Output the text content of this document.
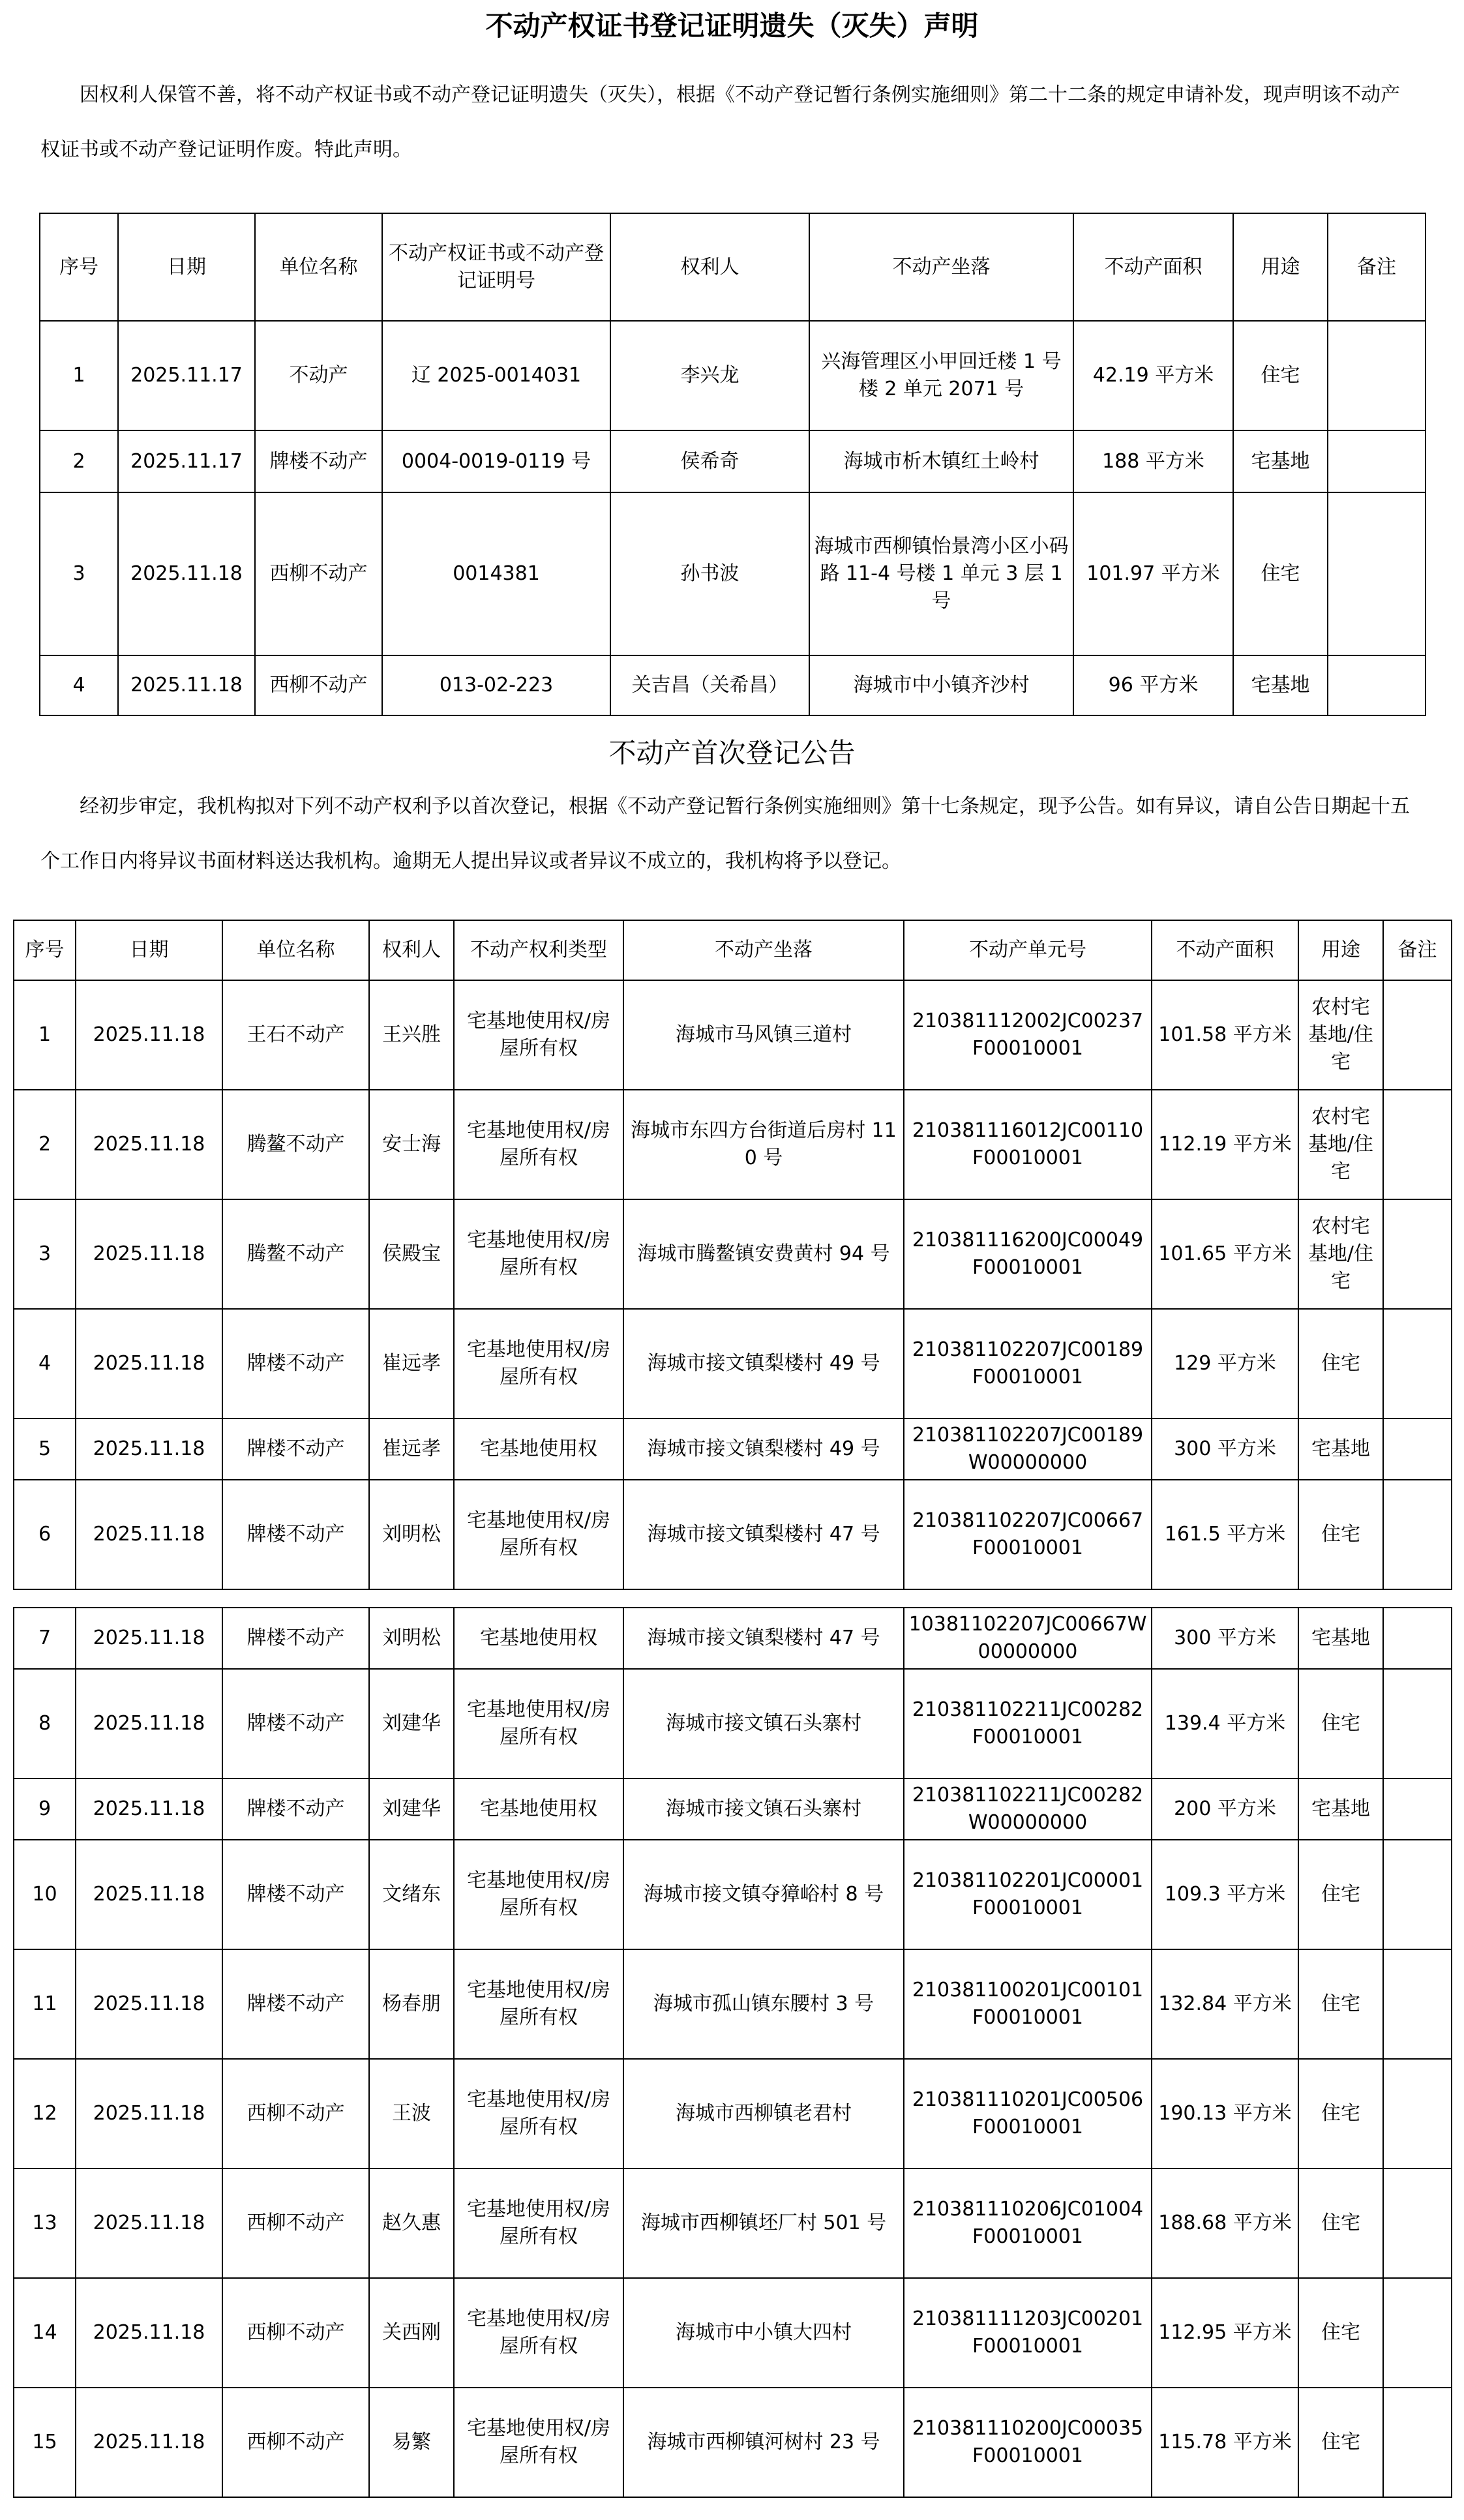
不动产权证书登记证明遗失（灭失）声明

因权利人保管不善，将不动产权证书或不动产登记证明遗失（灭失），根据《不动产登记暂行条例实施细则》第二十二条的规定申请补发，现声明该不动产权证书或不动产登记证明作废。特此声明。

序号	日期	单位名称	不动产权证书或不动产登记证明号	权利人	不动产坐落	不动产面积	用途	备注
1	2025.11.17	不动产	辽 2025-0014031	李兴龙	兴海管理区小甲回迁楼 1 号楼 2 单元 2071 号	42.19 平方米	住宅	
2	2025.11.17	牌楼不动产	0004-0019-0119 号	侯希奇	海城市析木镇红土岭村	188 平方米	宅基地	
3	2025.11.18	西柳不动产	0014381	孙书波	海城市西柳镇怡景湾小区小码路 11-4 号楼 1 单元 3 层 1 号	101.97 平方米	住宅	
4	2025.11.18	西柳不动产	013-02-223	关吉昌（关希昌）	海城市中小镇齐沙村	96 平方米	宅基地	
不动产首次登记公告

经初步审定，我机构拟对下列不动产权利予以首次登记，根据《不动产登记暂行条例实施细则》第十七条规定，现予公告。如有异议，请自公告日期起十五个工作日内将异议书面材料送达我机构。逾期无人提出异议或者异议不成立的，我机构将予以登记。

序号	日期	单位名称	权利人	不动产权利类型	不动产坐落	不动产单元号	不动产面积	用途	备注
1	2025.11.18	王石不动产	王兴胜	宅基地使用权/房屋所有权	海城市马风镇三道村	210381112002JC00237F00010001	101.58 平方米	农村宅基地/住宅	
2	2025.11.18	腾鳌不动产	安士海	宅基地使用权/房屋所有权	海城市东四方台街道后房村 110 号	210381116012JC00110F00010001	112.19 平方米	农村宅基地/住宅	
3	2025.11.18	腾鳌不动产	侯殿宝	宅基地使用权/房屋所有权	海城市腾鳌镇安费黄村 94 号	210381116200JC00049F00010001	101.65 平方米	农村宅基地/住宅	
4	2025.11.18	牌楼不动产	崔远孝	宅基地使用权/房屋所有权	海城市接文镇梨楼村 49 号	210381102207JC00189F00010001	129 平方米	住宅	
5	2025.11.18	牌楼不动产	崔远孝	宅基地使用权	海城市接文镇梨楼村 49 号	210381102207JC00189W00000000	300 平方米	宅基地	
6	2025.11.18	牌楼不动产	刘明松	宅基地使用权/房屋所有权	海城市接文镇梨楼村 47 号	210381102207JC00667F00010001	161.5 平方米	住宅	
7	2025.11.18	牌楼不动产	刘明松	宅基地使用权	海城市接文镇梨楼村 47 号	10381102207JC00667W00000000	300 平方米	宅基地	
8	2025.11.18	牌楼不动产	刘建华	宅基地使用权/房屋所有权	海城市接文镇石头寨村	210381102211JC00282F00010001	139.4 平方米	住宅	
9	2025.11.18	牌楼不动产	刘建华	宅基地使用权	海城市接文镇石头寨村	210381102211JC00282W00000000	200 平方米	宅基地	
10	2025.11.18	牌楼不动产	文绪东	宅基地使用权/房屋所有权	海城市接文镇夺獐峪村 8 号	210381102201JC00001F00010001	109.3 平方米	住宅	
11	2025.11.18	牌楼不动产	杨春朋	宅基地使用权/房屋所有权	海城市孤山镇东腰村 3 号	210381100201JC00101F00010001	132.84 平方米	住宅	
12	2025.11.18	西柳不动产	王波	宅基地使用权/房屋所有权	海城市西柳镇老君村	210381110201JC00506F00010001	190.13 平方米	住宅	
13	2025.11.18	西柳不动产	赵久惠	宅基地使用权/房屋所有权	海城市西柳镇坯厂村 501 号	210381110206JC01004F00010001	188.68 平方米	住宅	
14	2025.11.18	西柳不动产	关西刚	宅基地使用权/房屋所有权	海城市中小镇大四村	210381111203JC00201F00010001	112.95 平方米	住宅	
15	2025.11.18	西柳不动产	易繁	宅基地使用权/房屋所有权	海城市西柳镇河树村 23 号	210381110200JC00035F00010001	115.78 平方米	住宅	
